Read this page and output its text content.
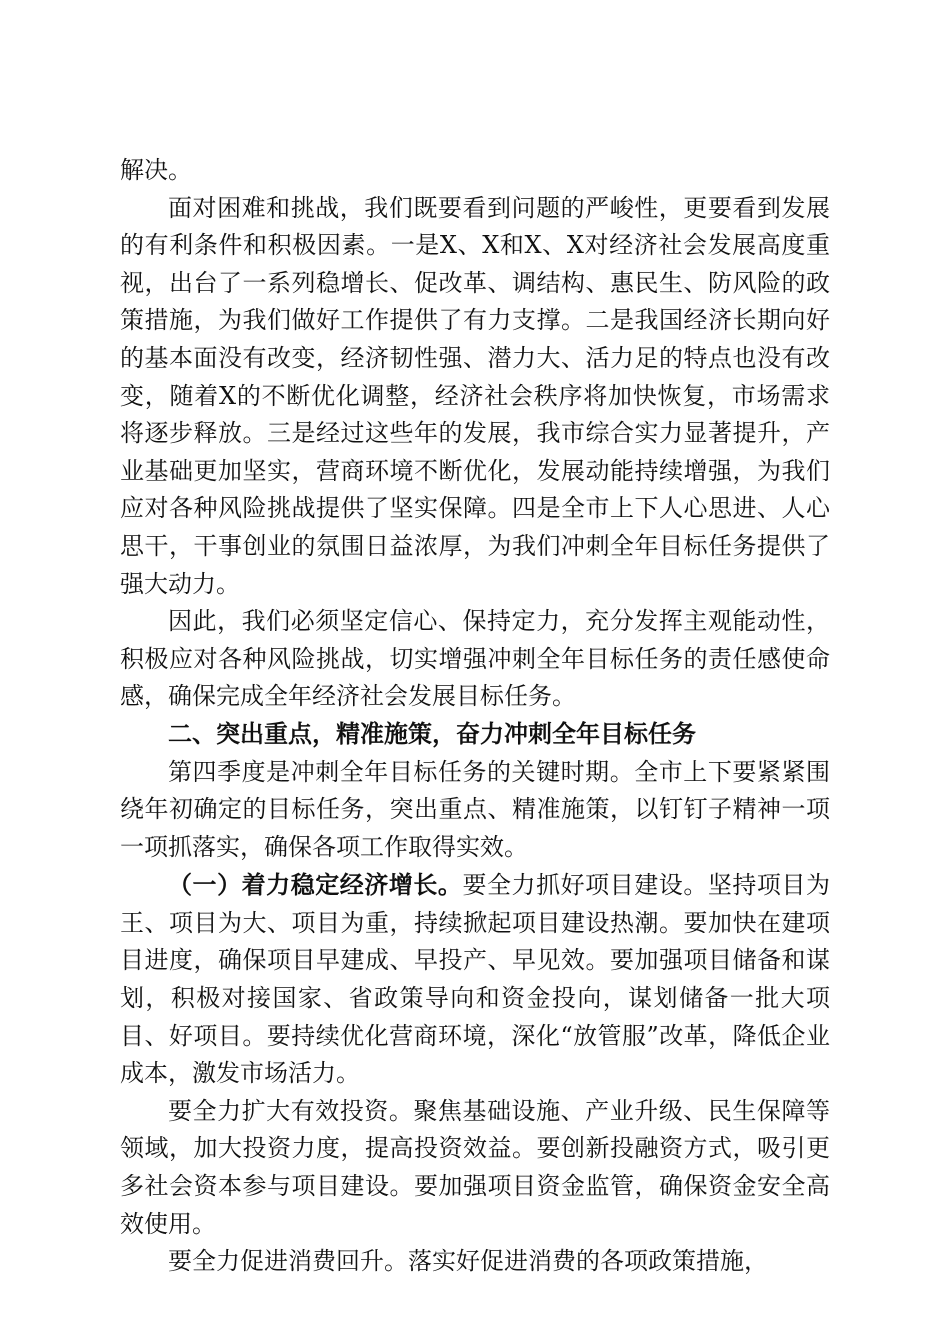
解决。

面对困难和挑战，我们既要看到问题的严峻性，更要看到发展的有利条件和积极因素。一是X、X和X、X对经济社会发展高度重视，出台了一系列稳增长、促改革、调结构、惠民生、防风险的政策措施，为我们做好工作提供了有力支撑。二是我国经济长期向好的基本面没有改变，经济韧性强、潜力大、活力足的特点也没有改变，随着X的不断优化调整，经济社会秩序将加快恢复，市场需求将逐步释放。三是经过这些年的发展，我市综合实力显著提升，产业基础更加坚实，营商环境不断优化，发展动能持续增强，为我们应对各种风险挑战提供了坚实保障。四是全市上下人心思进、人心思干，干事创业的氛围日益浓厚，为我们冲刺全年目标任务提供了强大动力。

因此，我们必须坚定信心、保持定力，充分发挥主观能动性，积极应对各种风险挑战，切实增强冲刺全年目标任务的责任感使命感，确保完成全年经济社会发展目标任务。

二、突出重点，精准施策，奋力冲刺全年目标任务

第四季度是冲刺全年目标任务的关键时期。全市上下要紧紧围绕年初确定的目标任务，突出重点、精准施策，以钉钉子精神一项一项抓落实，确保各项工作取得实效。

（一）着力稳定经济增长。要全力抓好项目建设。坚持项目为王、项目为大、项目为重，持续掀起项目建设热潮。要加快在建项目进度，确保项目早建成、早投产、早见效。要加强项目储备和谋划，积极对接国家、省政策导向和资金投向，谋划储备一批大项目、好项目。要持续优化营商环境，深化“放管服”改革，降低企业成本，激发市场活力。

要全力扩大有效投资。聚焦基础设施、产业升级、民生保障等领域，加大投资力度，提高投资效益。要创新投融资方式，吸引更多社会资本参与项目建设。要加强项目资金监管，确保资金安全高效使用。

要全力促进消费回升。落实好促进消费的各项政策措施，
